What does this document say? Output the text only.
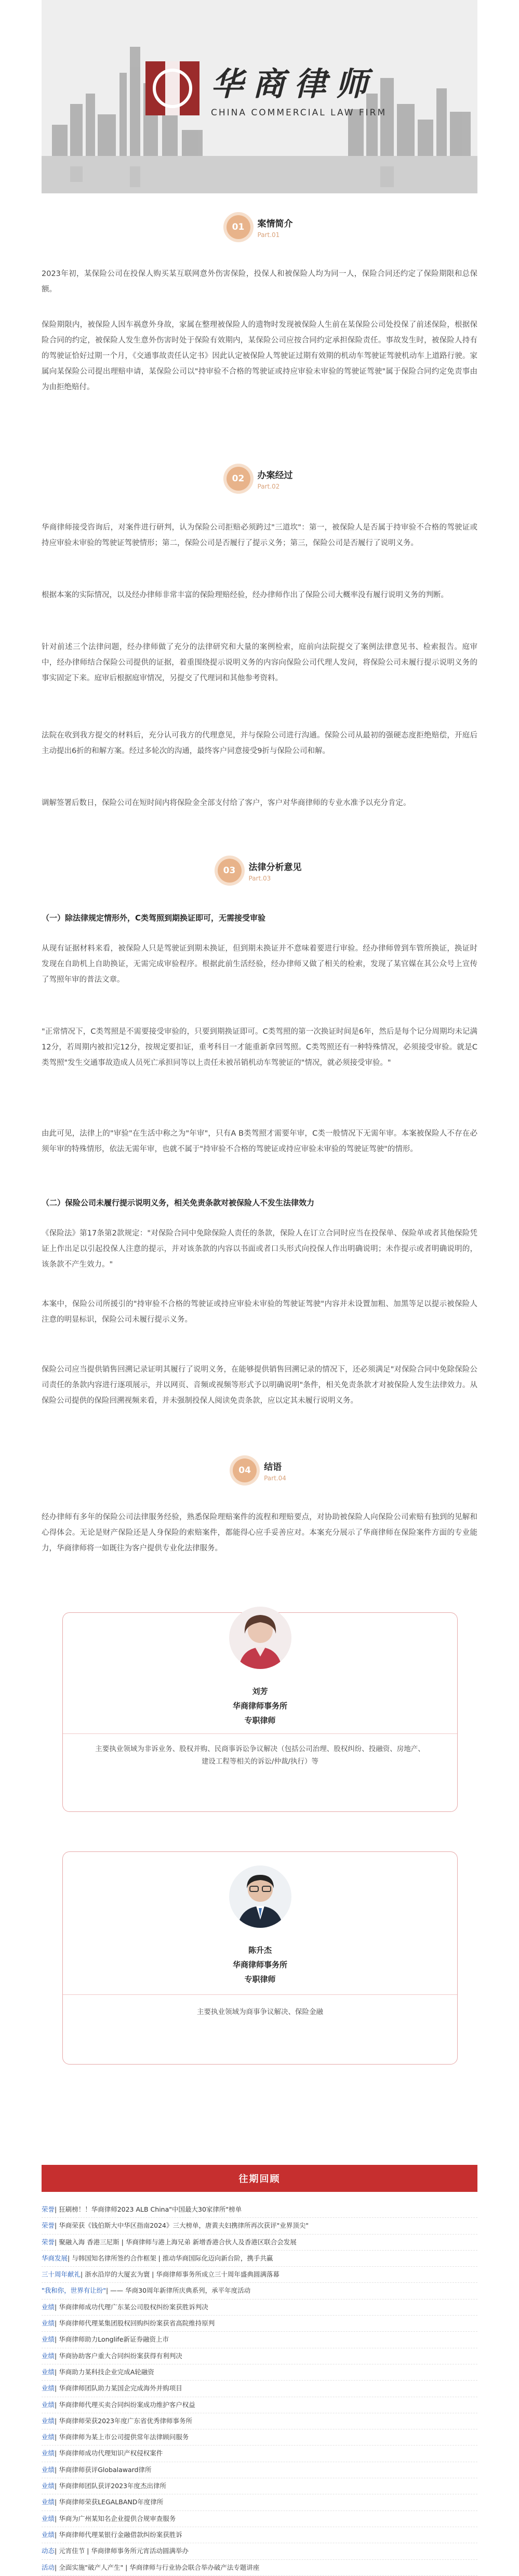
华商律师
CHINA COMMERCIAL LAW FIRM
01	案情简介
Part.01

2023年初，某保险公司在投保人购买某互联网意外伤害保险，投保人和被保险人均为同一人，保险合同还约定了保险期限和总保额。

保险期限内，被保险人因车祸意外身故，家属在整理被保险人的遗物时发现被保险人生前在某保险公司处投保了前述保险，根据保险合同的约定，被保险人发生意外伤害时处于保险有效期内，某保险公司应按合同约定承担保险责任。事故发生时，被保险人持有的驾驶证恰好过期一个月，《交通事故责任认定书》因此认定被保险人驾驶证过期有效期的机动车驾驶证驾驶机动车上道路行驶。家属向某保险公司提出理赔申请，某保险公司以"持审验不合格的驾驶证或持应审验未审验的驾驶证驾驶"属于保险合同约定免责事由为由拒绝赔付。

02	办案经过
Part.02

华商律师接受咨询后，对案件进行研判，认为保险公司拒赔必须跨过"三道坎"：第一，被保险人是否属于持审验不合格的驾驶证或持应审验未审验的驾驶证驾驶情形；第二，保险公司是否履行了提示义务；第三，保险公司是否履行了说明义务。

根据本案的实际情况，以及经办律师非常丰富的保险理赔经验，经办律师作出了保险公司大概率没有履行说明义务的判断。

针对前述三个法律问题，经办律师做了充分的法律研究和大量的案例检索，庭前向法院提交了案例法律意见书、检索报告。庭审中，经办律师结合保险公司提供的证据，着重围绕提示说明义务的内容向保险公司代理人发问，将保险公司未履行提示说明义务的事实固定下来。庭审后根据庭审情况，另提交了代理词和其他参考资料。

法院在收到我方提交的材料后，充分认可我方的代理意见，并与保险公司进行沟通。保险公司从最初的强硬态度拒绝赔偿，开庭后主动提出6折的和解方案。经过多轮次的沟通，最终客户同意接受9折与保险公司和解。

调解签署后数日，保险公司在短时间内将保险金全部支付给了客户，客户对华商律师的专业水准予以充分肯定。

03	法律分析意见
Part.03

（一）除法律规定情形外，C类驾照到期换证即可，无需接受审验

从现有证据材料来看，被保险人只是驾驶证到期未换证，但到期未换证并不意味着要进行审验。经办律师曾到车管所换证，换证时发现在自助机上自助换证，无需完成审验程序。根据此前生活经验，经办律师又做了相关的检索，发现了某官媒在其公众号上宣传了驾照年审的普法文章。

"正常情况下，C类驾照是不需要接受审验的，只要到期换证即可。C类驾照的第一次换证时间是6年，然后是每个记分周期均未记满12分，若周期内被扣完12分，按规定要扣证，重考科目一才能重新拿回驾照。C类驾照还有一种特殊情况，必须接受审验。就是C类驾照"发生交通事故造成人员死亡承担同等以上责任未被吊销机动车驾驶证的"情况，就必须接受审验。"

由此可见，法律上的"审验"在生活中称之为"年审"，只有A B类驾照才需要年审，C类一般情况下无需年审。本案被保险人不存在必须年审的特殊情形，依法无需年审，也就不属于"持审验不合格的驾驶证或持应审验未审验的驾驶证驾驶"的情形。

（二）保险公司未履行提示说明义务，相关免责条款对被保险人不发生法律效力

《保险法》第17条第2款规定："对保险合同中免除保险人责任的条款，保险人在订立合同时应当在投保单、保险单或者其他保险凭证上作出足以引起投保人注意的提示，并对该条款的内容以书面或者口头形式向投保人作出明确说明；未作提示或者明确说明的，该条款不产生效力。"

本案中，保险公司所援引的"持审验不合格的驾驶证或持应审验未审验的驾驶证驾驶"内容并未设置加粗、加黑等足以提示被保险人注意的明显标识，保险公司未履行提示义务。

保险公司应当提供销售回溯记录证明其履行了说明义务，在能够提供销售回溯记录的情况下，还必须满足"对保险合同中免除保险公司责任的条款内容进行逐项展示，并以网页、音频或视频等形式予以明确说明"条件，相关免责条款才对被保险人发生法律效力。从保险公司提供的保险回溯视频来看，并未强制投保人阅读免责条款，应以定其未履行说明义务。

04	结语
Part.04

经办律师有多年的保险公司法律服务经验，熟悉保险理赔案件的流程和理赔要点，对协助被保险人向保险公司索赔有独到的见解和心得体会。无论是财产保险还是人身保险的索赔案件，都能得心应手妥善应对。本案充分展示了华商律师在保险案件方面的专业能力，华商律师将一如既往为客户提供专业化法律服务。

刘芳
华商律师事务所
专职律师
主要执业领域为非诉业务、股权并购、民商事诉讼争议解决（包括公司治理、股权纠纷、投融资、房地产、建设工程等相关的诉讼/仲裁/执行）等
陈升杰
华商律师事务所
专职律师
主要执业领域为商事争议解决、保险金融
往期回顾
荣誉| 狂刷榜！！华商律师2023 ALB China"中国最大30家律所"榜单
荣誉| 华商荣获《钱伯斯大中华区指南2024》三大榜单，唐黄夫妇携律所再次获评"业界顶尖"
荣誉| 聚融入海 香港三尼斯 | 华商律师与港上海兄弟 新增香港合伙人及香港区联合会发展
华商发展| 与韩国知名律所签约合作框架 | 推动华商国际化迈向新台阶，携手共赢
三十周年献礼| 浙水沿岸的大厦玄为寰 | 华商律师事务所成立三十周年盛典圆满落幕
"我和你，世界有让纷"| —— 华商30周年新律所庆典系列，承平年度活动
业绩| 华商律师成功代理广东某公司股权纠纷案获胜诉判决
业绩| 华商律师代理某集团股权回购纠纷案获省高院维持原判
业绩| 华商律师助力Longlife新证券融资上市
业绩| 华商协助客户重大合同纠纷案获得有利判决
业绩| 华商助力某科技企业完成A轮融资
业绩| 华商律师团队助力某国企完成海外并购项目
业绩| 华商律师代理买卖合同纠纷案成功维护客户权益
业绩| 华商律师荣获2023年度广东省优秀律师事务所
业绩| 华商律师为某上市公司提供常年法律顾问服务
业绩| 华商律师成功代理知识产权侵权案件
业绩| 华商律师获评Globalaward律所
业绩| 华商律师团队获评2023年度杰出律所
业绩| 华商律师荣获LEGALBAND年度律所
业绩| 华商为广州某知名企业提供合规审查服务
业绩| 华商律师代理某银行金融借款纠纷案获胜诉
动态| 元宵佳节 | 华商律师事务所元宵活动圆满举办
活动| 全面实施"破产人产生" | 华商律师与行业协会联合举办破产法专题讲座
